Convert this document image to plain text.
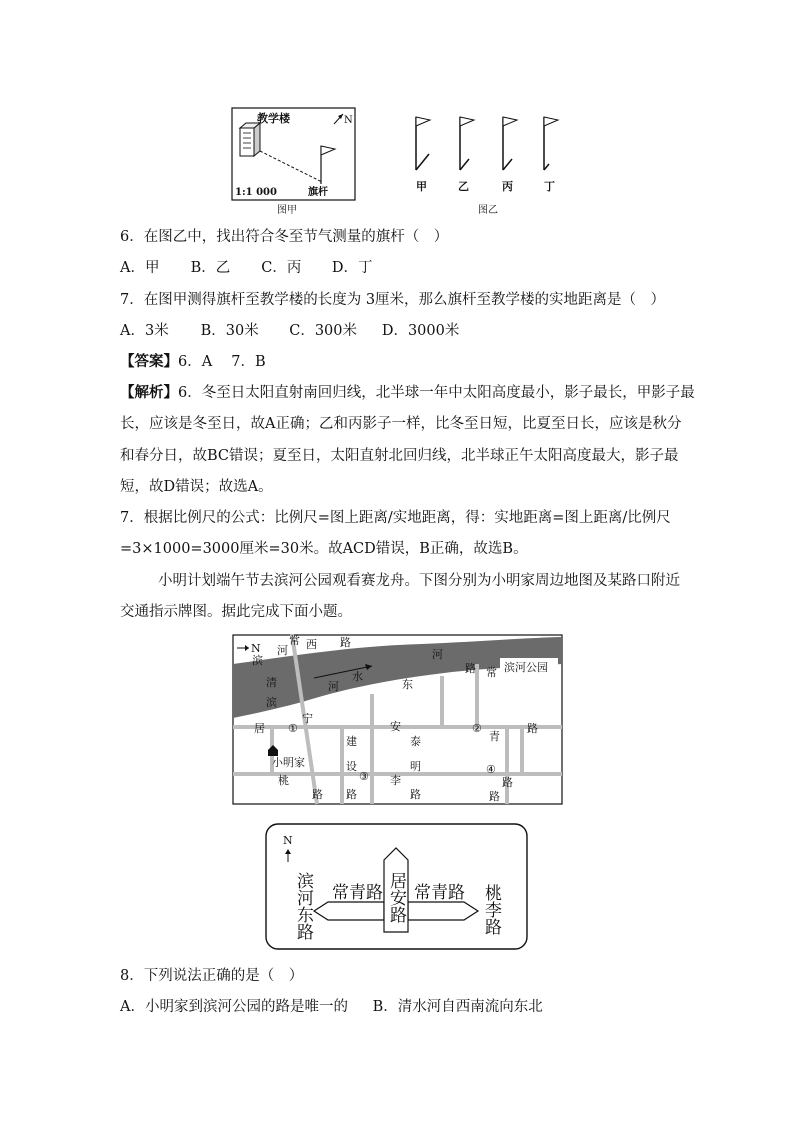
教学楼	N
1:1 000	旗杆
图甲
甲	乙	丙	丁
图乙
6．在图乙中，找出符合冬至节气测量的旗杆（　）
A．甲 B．乙 C．丙 D．丁
7．在图甲测得旗杆至教学楼的长度为 3厘米，那么旗杆至教学楼的实地距离是（　）
A．3米 B．30米 C．300米 D．3000米
【答案】6．A　 7．B
【解析】6．冬至日太阳直射南回归线，北半球一年中太阳高度最小，影子最长，甲影子最
长，应该是冬至日，故A正确；乙和丙影子一样，比冬至日短，比夏至日长，应该是秋分
和春分日，故BC错误；夏至日，太阳直射北回归线，北半球正午太阳高度最大，影子最
短，故D错误；故选A。
7．根据比例尺的公式：比例尺=图上距离/实地距离，得：实地距离=图上距离/比例尺
=3×1000=3000厘米=30米。故ACD错误，B正确，故选B。
小明计划端午节去滨河公园观看赛龙舟。下图分别为小明家周边地图及某路口附近
交通指示牌图。据此完成下面小题。
N
滨河公园
滨
河
常 西 路
水
河
路 常
清
滨
河	东
居 ①
宁
安	②	路
建	泰	青
小明家	设
③
明	④
桃	李	路
路 路	路	路
N
滨河东路 常青路 常青路
居安路	桃李路
8．下列说法正确的是（　）
A．小明家到滨河公园的路是唯一的 B．清水河自西南流向东北
